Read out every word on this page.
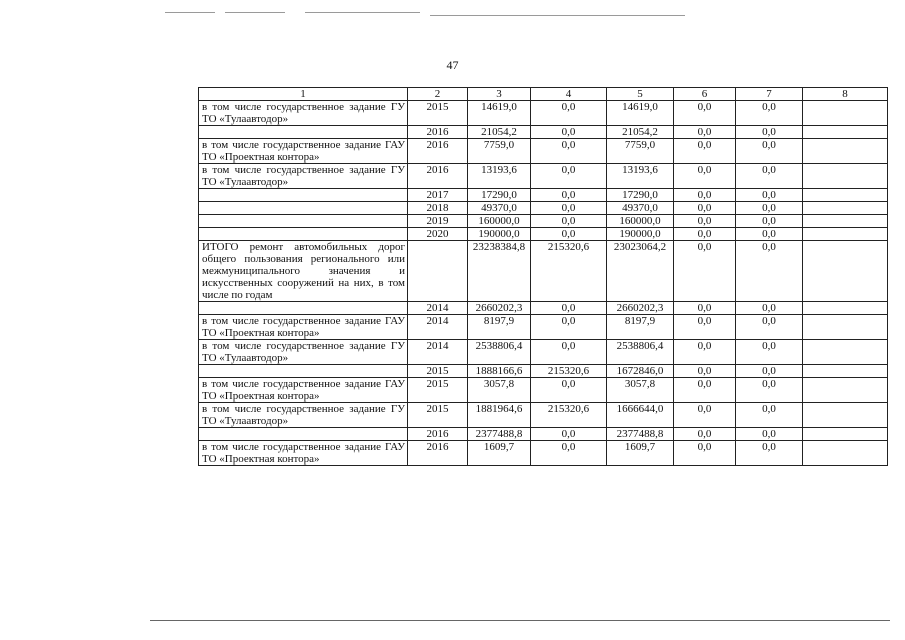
47
1	2	3	4	5	6	7	8
в том числе государственное задание ГУ ТО «Тулаавтодор»	2015	14619,0	0,0	14619,0	0,0	0,0	
	2016	21054,2	0,0	21054,2	0,0	0,0	
в том числе государственное задание ГАУ ТО «Проектная контора»	2016	7759,0	0,0	7759,0	0,0	0,0	
в том числе государственное задание ГУ ТО «Тулаавтодор»	2016	13193,6	0,0	13193,6	0,0	0,0	
	2017	17290,0	0,0	17290,0	0,0	0,0	
	2018	49370,0	0,0	49370,0	0,0	0,0	
	2019	160000,0	0,0	160000,0	0,0	0,0	
	2020	190000,0	0,0	190000,0	0,0	0,0	
ИТОГО ремонт автомобильных дорог общего пользования регионального или межмуниципального значения и искусственных сооружений на них, в том числе по годам		23238384,8	215320,6	23023064,2	0,0	0,0	
	2014	2660202,3	0,0	2660202,3	0,0	0,0	
в том числе государственное задание ГАУ ТО «Проектная контора»	2014	8197,9	0,0	8197,9	0,0	0,0	
в том числе государственное задание ГУ ТО «Тулаавтодор»	2014	2538806,4	0,0	2538806,4	0,0	0,0	
	2015	1888166,6	215320,6	1672846,0	0,0	0,0	
в том числе государственное задание ГАУ ТО «Проектная контора»	2015	3057,8	0,0	3057,8	0,0	0,0	
в том числе государственное задание ГУ ТО «Тулаавтодор»	2015	1881964,6	215320,6	1666644,0	0,0	0,0	
	2016	2377488,8	0,0	2377488,8	0,0	0,0	
в том числе государственное задание ГАУ ТО «Проектная контора»	2016	1609,7	0,0	1609,7	0,0	0,0	
